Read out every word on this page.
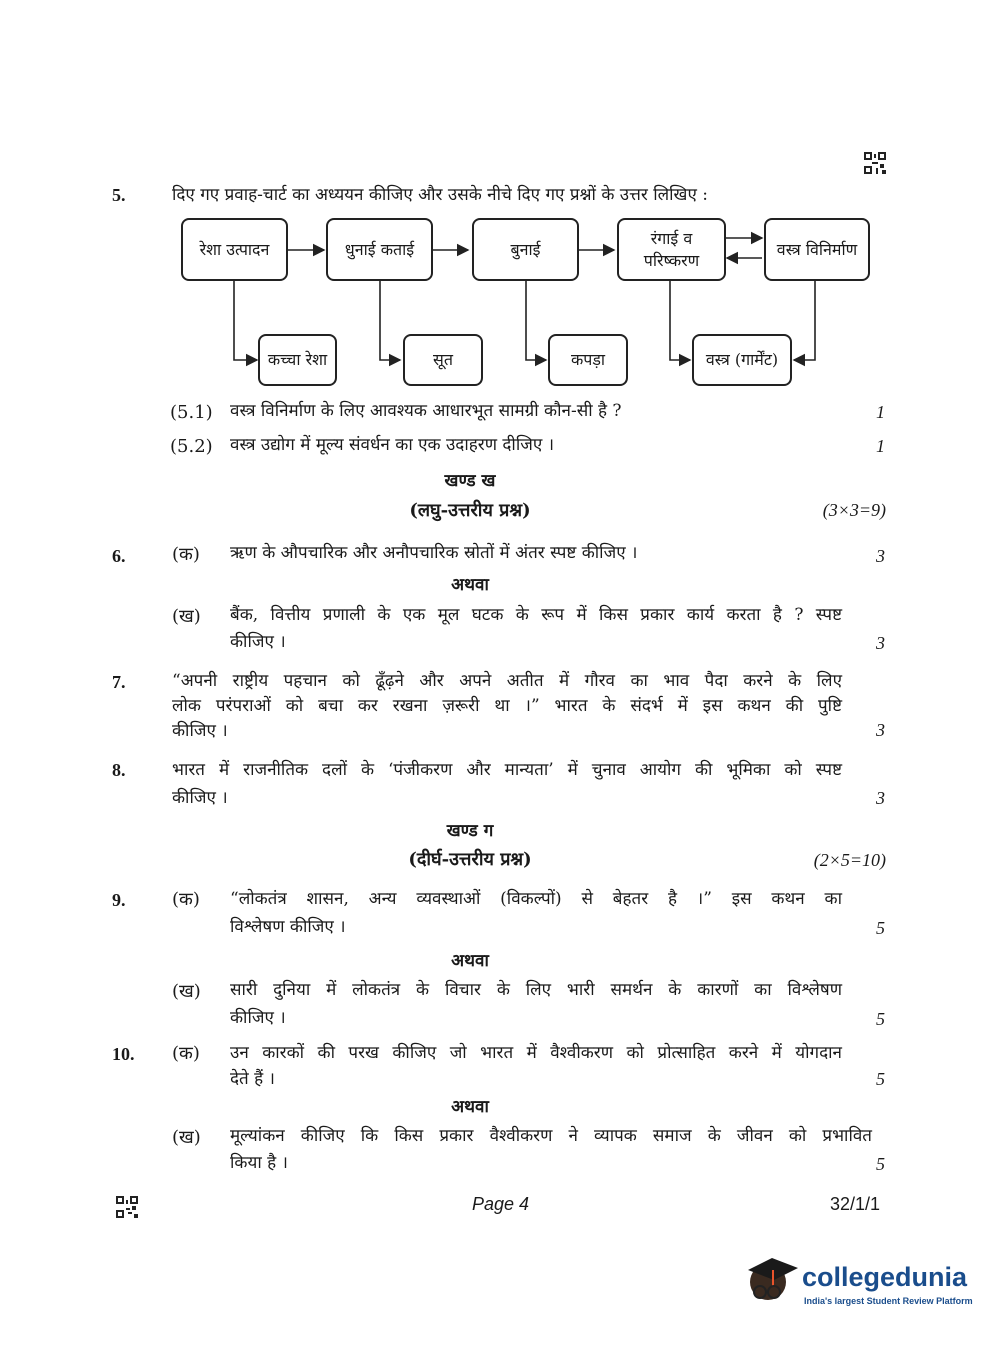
5.	दिए गए प्रवाह-चार्ट का अध्ययन कीजिए और उसके नीचे दिए गए प्रश्नों के उत्तर लिखिए :
रेशा उत्पादन	धुनाई कताई	बुनाई
रंगाई व परिष्करण
वस्त्र विनिर्माण
कच्चा रेशा	सूत	कपड़ा	वस्त्र (गार्मेंट)
(5.1) वस्त्र विनिर्माण के लिए आवश्यक आधारभूत सामग्री कौन-सी है ?	1
(5.2) वस्त्र उद्योग में मूल्य संवर्धन का एक उदाहरण दीजिए ।	1
खण्ड ख
(लघु-उत्तरीय प्रश्न)	(3×3=9)
6.	(क) ऋण के औपचारिक और अनौपचारिक स्रोतों में अंतर स्पष्ट कीजिए ।	3
अथवा
(ख) बैंक, वित्तीय प्रणाली के एक मूल घटक के रूप में किस प्रकार कार्य करता है ? स्पष्ट
कीजिए ।	3
7.	“अपनी राष्ट्रीय पहचान को ढूँढ़ने और अपने अतीत में गौरव का भाव पैदा करने के लिए
लोक परंपराओं को बचा कर रखना ज़रूरी था ।” भारत के संदर्भ में इस कथन की पुष्टि
कीजिए ।	3
8.	भारत में राजनीतिक दलों के ‘पंजीकरण और मान्यता’ में चुनाव आयोग की भूमिका को स्पष्ट
कीजिए ।	3
खण्ड ग
(दीर्घ-उत्तरीय प्रश्न)	(2×5=10)
9.	(क) “लोकतंत्र शासन, अन्य व्यवस्थाओं (विकल्पों) से बेहतर है ।” इस कथन का
विश्लेषण कीजिए ।	5
अथवा
(ख) सारी दुनिया में लोकतंत्र के विचार के लिए भारी समर्थन के कारणों का विश्लेषण
कीजिए ।	5
10. (क) उन कारकों की परख कीजिए जो भारत में वैश्वीकरण को प्रोत्साहित करने में योगदान
देते हैं ।	5
अथवा
(ख) मूल्यांकन कीजिए कि किस प्रकार वैश्वीकरण ने व्यापक समाज के जीवन को प्रभावित
किया है ।	5
Page 4	32/1/1
collegedunia
India's largest Student Review Platform
